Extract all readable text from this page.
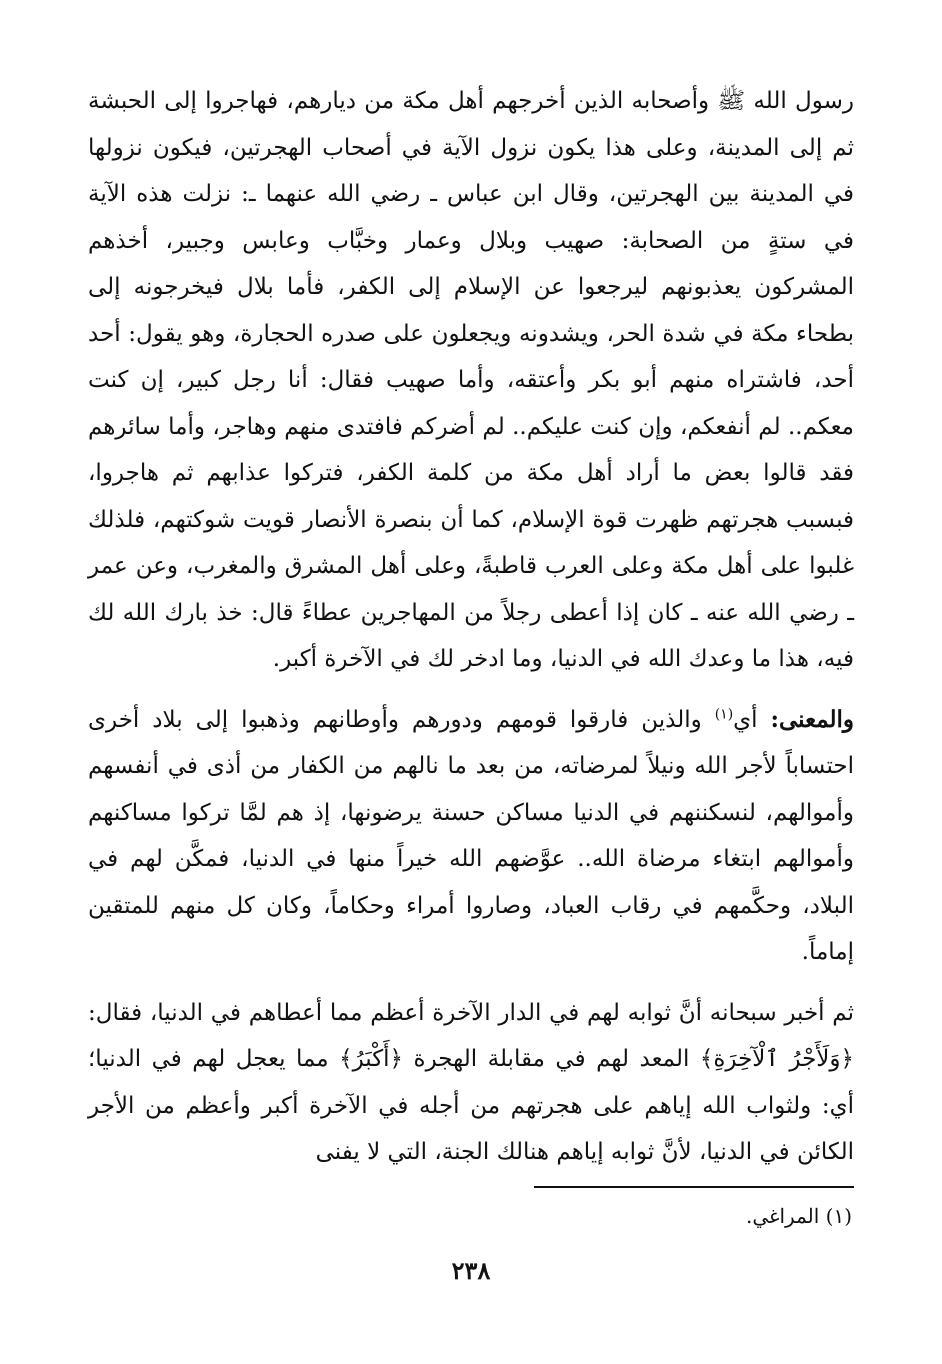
رسول الله ﷺ وأصحابه الذين أخرجهم أهل مكة من ديارهم، فهاجروا إلى الحبشة ثم إلى المدينة، وعلى هذا يكون نزول الآية في أصحاب الهجرتين، فيكون نزولها في المدينة بين الهجرتين، وقال ابن عباس ـ رضي الله عنهما ـ: نزلت هذه الآية في ستةٍ من الصحابة: صهيب وبلال وعمار وخبَّاب وعابس وجبير، أخذهم المشركون يعذبونهم ليرجعوا عن الإسلام إلى الكفر، فأما بلال فيخرجونه إلى بطحاء مكة في شدة الحر، ويشدونه ويجعلون على صدره الحجارة، وهو يقول: أحد أحد، فاشتراه منهم أبو بكر وأعتقه، وأما صهيب فقال: أنا رجل كبير، إن كنت معكم.. لم أنفعكم، وإن كنت عليكم.. لم أضركم فافتدى منهم وهاجر، وأما سائرهم فقد قالوا بعض ما أراد أهل مكة من كلمة الكفر، فتركوا عذابهم ثم هاجروا، فبسبب هجرتهم ظهرت قوة الإسلام، كما أن بنصرة الأنصار قويت شوكتهم، فلذلك غلبوا على أهل مكة وعلى العرب قاطبةً، وعلى أهل المشرق والمغرب، وعن عمر ـ رضي الله عنه ـ كان إذا أعطى رجلاً من المهاجرين عطاءً قال: خذ بارك الله لك فيه، هذا ما وعدك الله في الدنيا، وما ادخر لك في الآخرة أكبر.

والمعنى: أي$^{(١)}$ والذين فارقوا قومهم ودورهم وأوطانهم وذهبوا إلى بلاد أخرى احتساباً لأجر الله ونيلاً لمرضاته، من بعد ما نالهم من الكفار من أذى في أنفسهم وأموالهم، لنسكننهم في الدنيا مساكن حسنة يرضونها، إذ هم لمَّا تركوا مساكنهم وأموالهم ابتغاء مرضاة الله.. عوَّضهم الله خيراً منها في الدنيا، فمكَّن لهم في البلاد، وحكَّمهم في رقاب العباد، وصاروا أمراء وحكاماً، وكان كل منهم للمتقين إماماً.

ثم أخبر سبحانه أنَّ ثوابه لهم في الدار الآخرة أعظم مما أعطاهم في الدنيا، فقال: ﴿وَلَأَجْرُ ٱلْآخِرَةِ﴾ المعد لهم في مقابلة الهجرة ﴿أَكْبَرُ﴾ مما يعجل لهم في الدنيا؛ أي: ولثواب الله إياهم على هجرتهم من أجله في الآخرة أكبر وأعظم من الأجر الكائن في الدنيا، لأنَّ ثوابه إياهم هنالك الجنة، التي لا يفنى

(١) المراغي.

٢٣٨
